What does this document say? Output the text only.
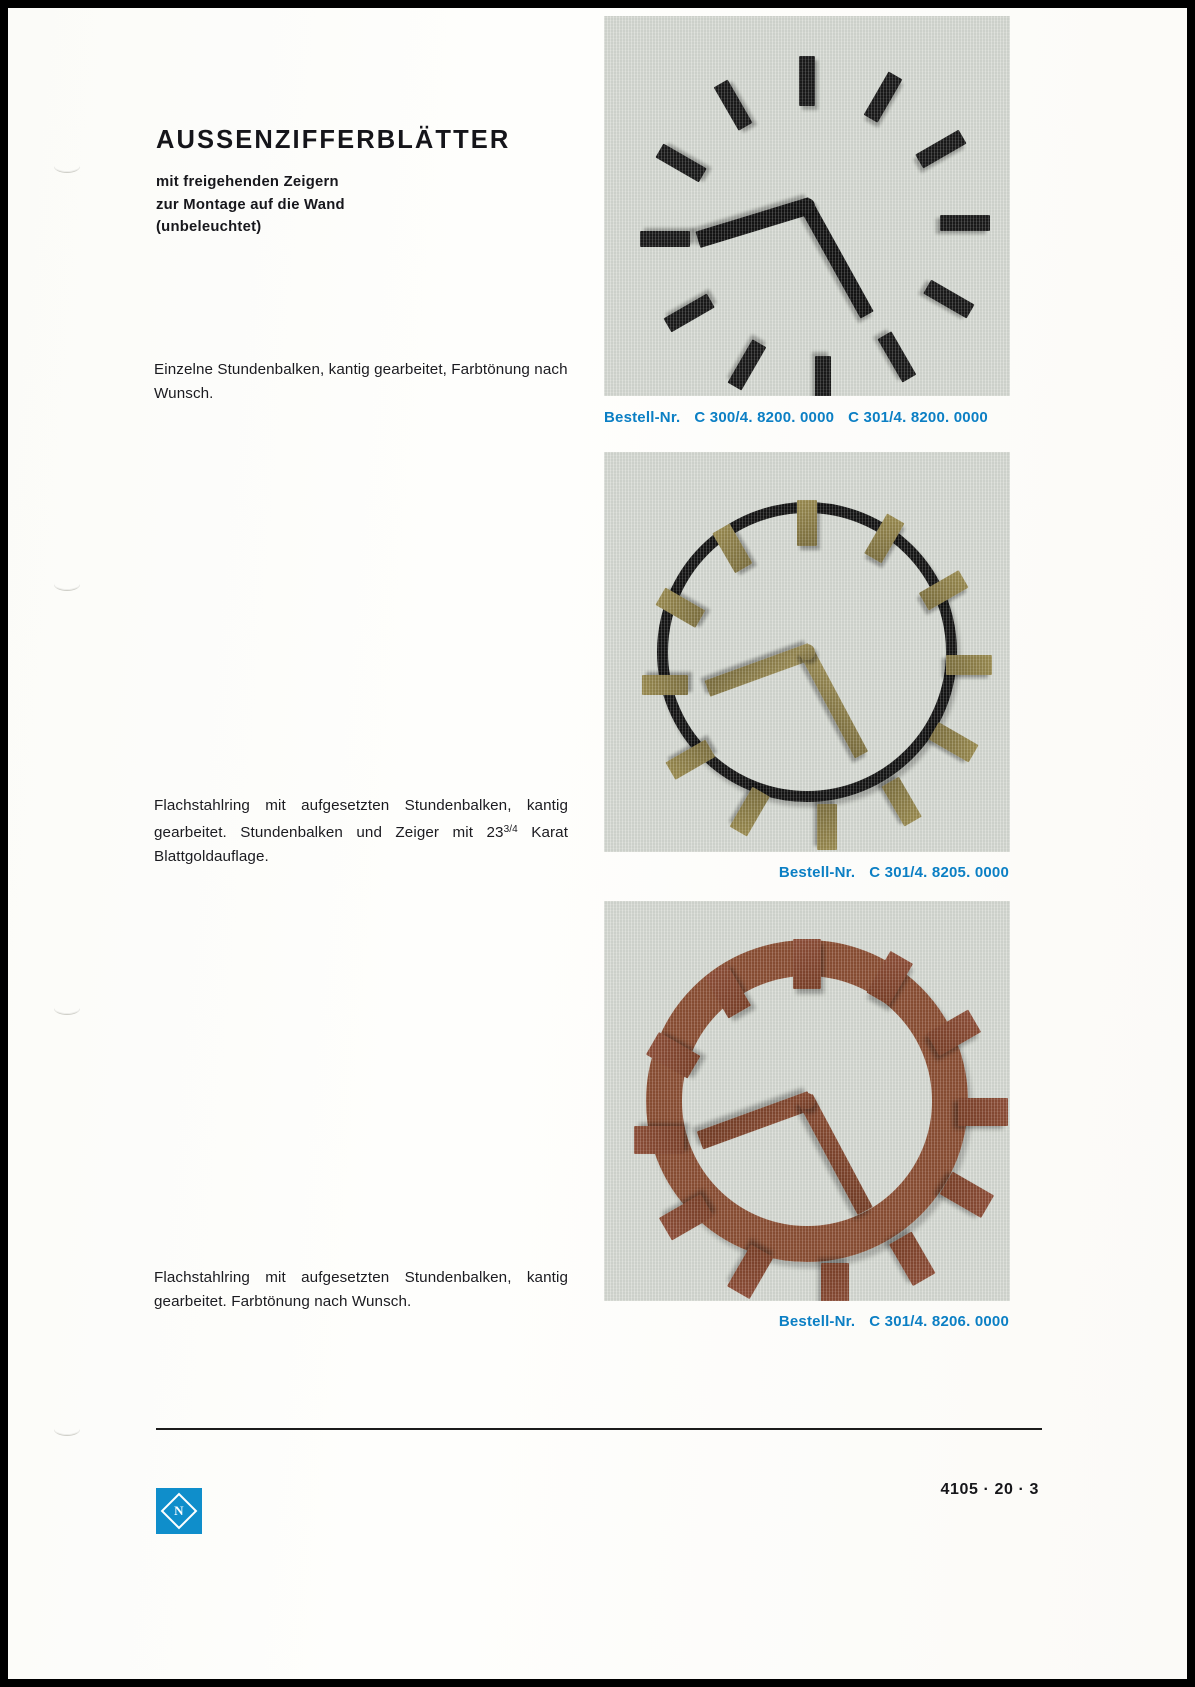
AUSSENZIFFERBLÄTTER
mit freigehenden Zeigern
zur Montage auf die Wand
(unbeleuchtet)
Einzelne Stundenbalken, kantig gearbeitet, Farbtönung nach Wunsch.
Bestell-Nr. C 300/4. 8200. 0000 C 301/4. 8200. 0000
Flachstahlring mit aufgesetzten Stundenbalken, kantig gearbeitet. Stundenbalken und Zeiger mit $23^{3/4}$ Karat Blattgoldauflage.
Bestell-Nr. C 301/4. 8205. 0000
Flachstahlring mit aufgesetzten Stundenbalken, kantig gearbeitet. Farbtönung nach Wunsch.
Bestell-Nr. C 301/4. 8206. 0000
N
4105 · 20 · 3
